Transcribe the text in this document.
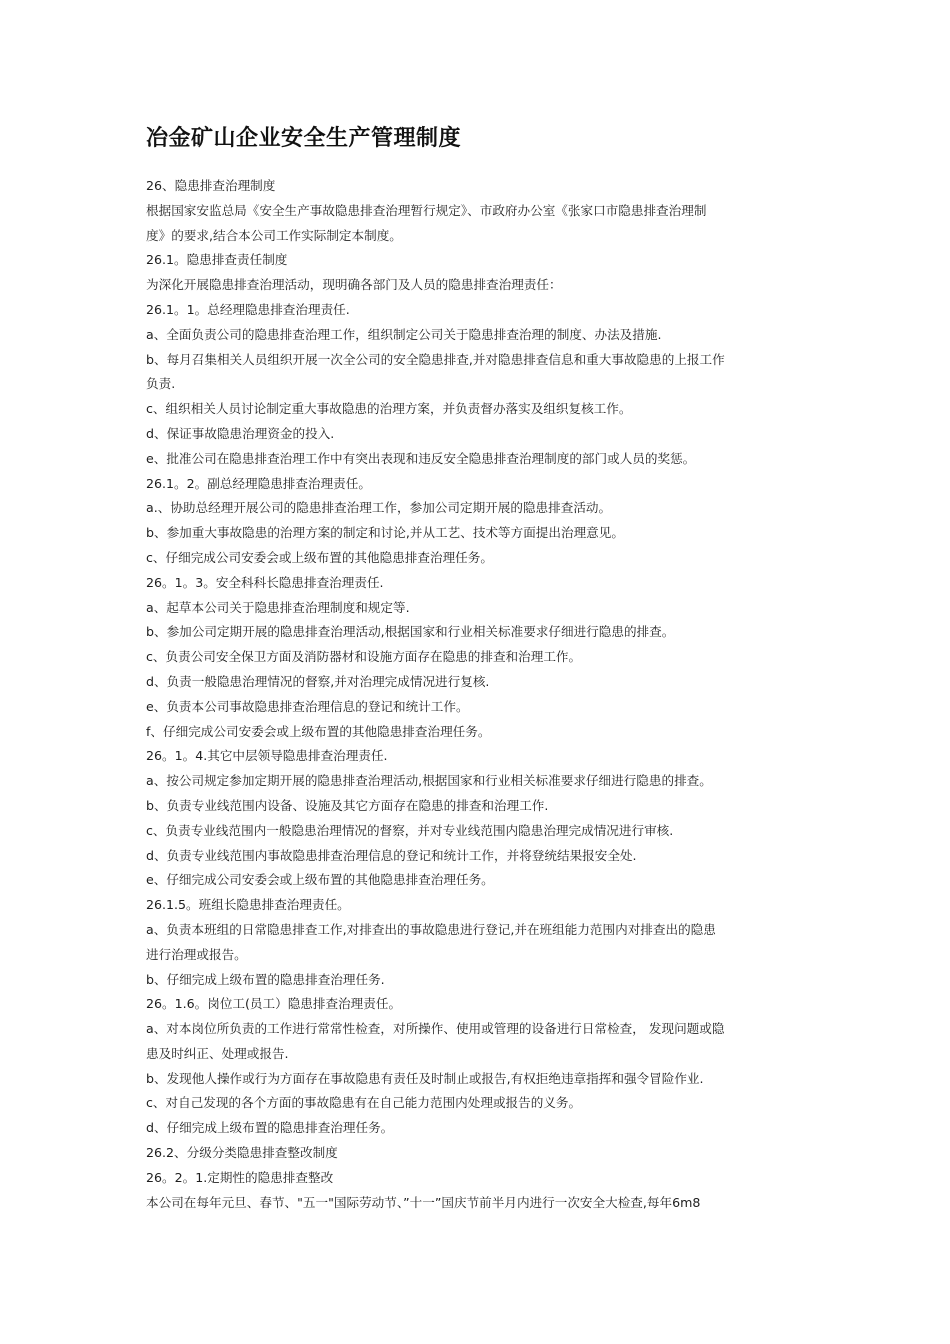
冶金矿山企业安全生产管理制度
26、隐患排查治理制度
根据国家安监总局《安全生产事故隐患排查治理暂行规定》、市政府办公室《张家口市隐患排查治理制
度》的要求,结合本公司工作实际制定本制度。
26.1。隐患排查责任制度
为深化开展隐患排查治理活动，现明确各部门及人员的隐患排查治理责任：
26.1。1。总经理隐患排查治理责任.
a、全面负责公司的隐患排查治理工作，组织制定公司关于隐患排查治理的制度、办法及措施.
b、每月召集相关人员组织开展一次全公司的安全隐患排查,并对隐患排查信息和重大事故隐患的上报工作
负责.
c、组织相关人员讨论制定重大事故隐患的治理方案，并负责督办落实及组织复核工作。
d、保证事故隐患治理资金的投入.
e、批准公司在隐患排查治理工作中有突出表现和违反安全隐患排查治理制度的部门或人员的奖惩。
26.1。2。副总经理隐患排查治理责任。
a.、协助总经理开展公司的隐患排查治理工作，参加公司定期开展的隐患排查活动。
b、参加重大事故隐患的治理方案的制定和讨论,并从工艺、技术等方面提出治理意见。
c、仔细完成公司安委会或上级布置的其他隐患排查治理任务。
26。1。3。安全科科长隐患排查治理责任.
a、起草本公司关于隐患排查治理制度和规定等.
b、参加公司定期开展的隐患排查治理活动,根据国家和行业相关标准要求仔细进行隐患的排查。
c、负责公司安全保卫方面及消防器材和设施方面存在隐患的排查和治理工作。
d、负责一般隐患治理情况的督察,并对治理完成情况进行复核.
e、负责本公司事故隐患排查治理信息的登记和统计工作。
f、仔细完成公司安委会或上级布置的其他隐患排查治理任务。
26。1。4.其它中层领导隐患排查治理责任.
a、按公司规定参加定期开展的隐患排查治理活动,根据国家和行业相关标准要求仔细进行隐患的排查。
b、负责专业线范围内设备、设施及其它方面存在隐患的排查和治理工作.
c、负责专业线范围内一般隐患治理情况的督察，并对专业线范围内隐患治理完成情况进行审核.
d、负责专业线范围内事故隐患排查治理信息的登记和统计工作，并将登统结果报安全处.
e、仔细完成公司安委会或上级布置的其他隐患排查治理任务。
26.1.5。班组长隐患排查治理责任。
a、负责本班组的日常隐患排查工作,对排查出的事故隐患进行登记,并在班组能力范围内对排查出的隐患
进行治理或报告。
b、仔细完成上级布置的隐患排查治理任务.
26。1.6。岗位工(员工）隐患排查治理责任。
a、对本岗位所负责的工作进行常常性检查，对所操作、使用或管理的设备进行日常检查， 发现问题或隐
患及时纠正、处理或报告.
b、发现他人操作或行为方面存在事故隐患有责任及时制止或报告,有权拒绝违章指挥和强令冒险作业.
c、对自己发现的各个方面的事故隐患有在自己能力范围内处理或报告的义务。
d、仔细完成上级布置的隐患排查治理任务。
26.2、分级分类隐患排查整改制度
26。2。1.定期性的隐患排查整改
本公司在每年元旦、春节、"五一"国际劳动节、”十一”国庆节前半月内进行一次安全大检查,每年6m8
